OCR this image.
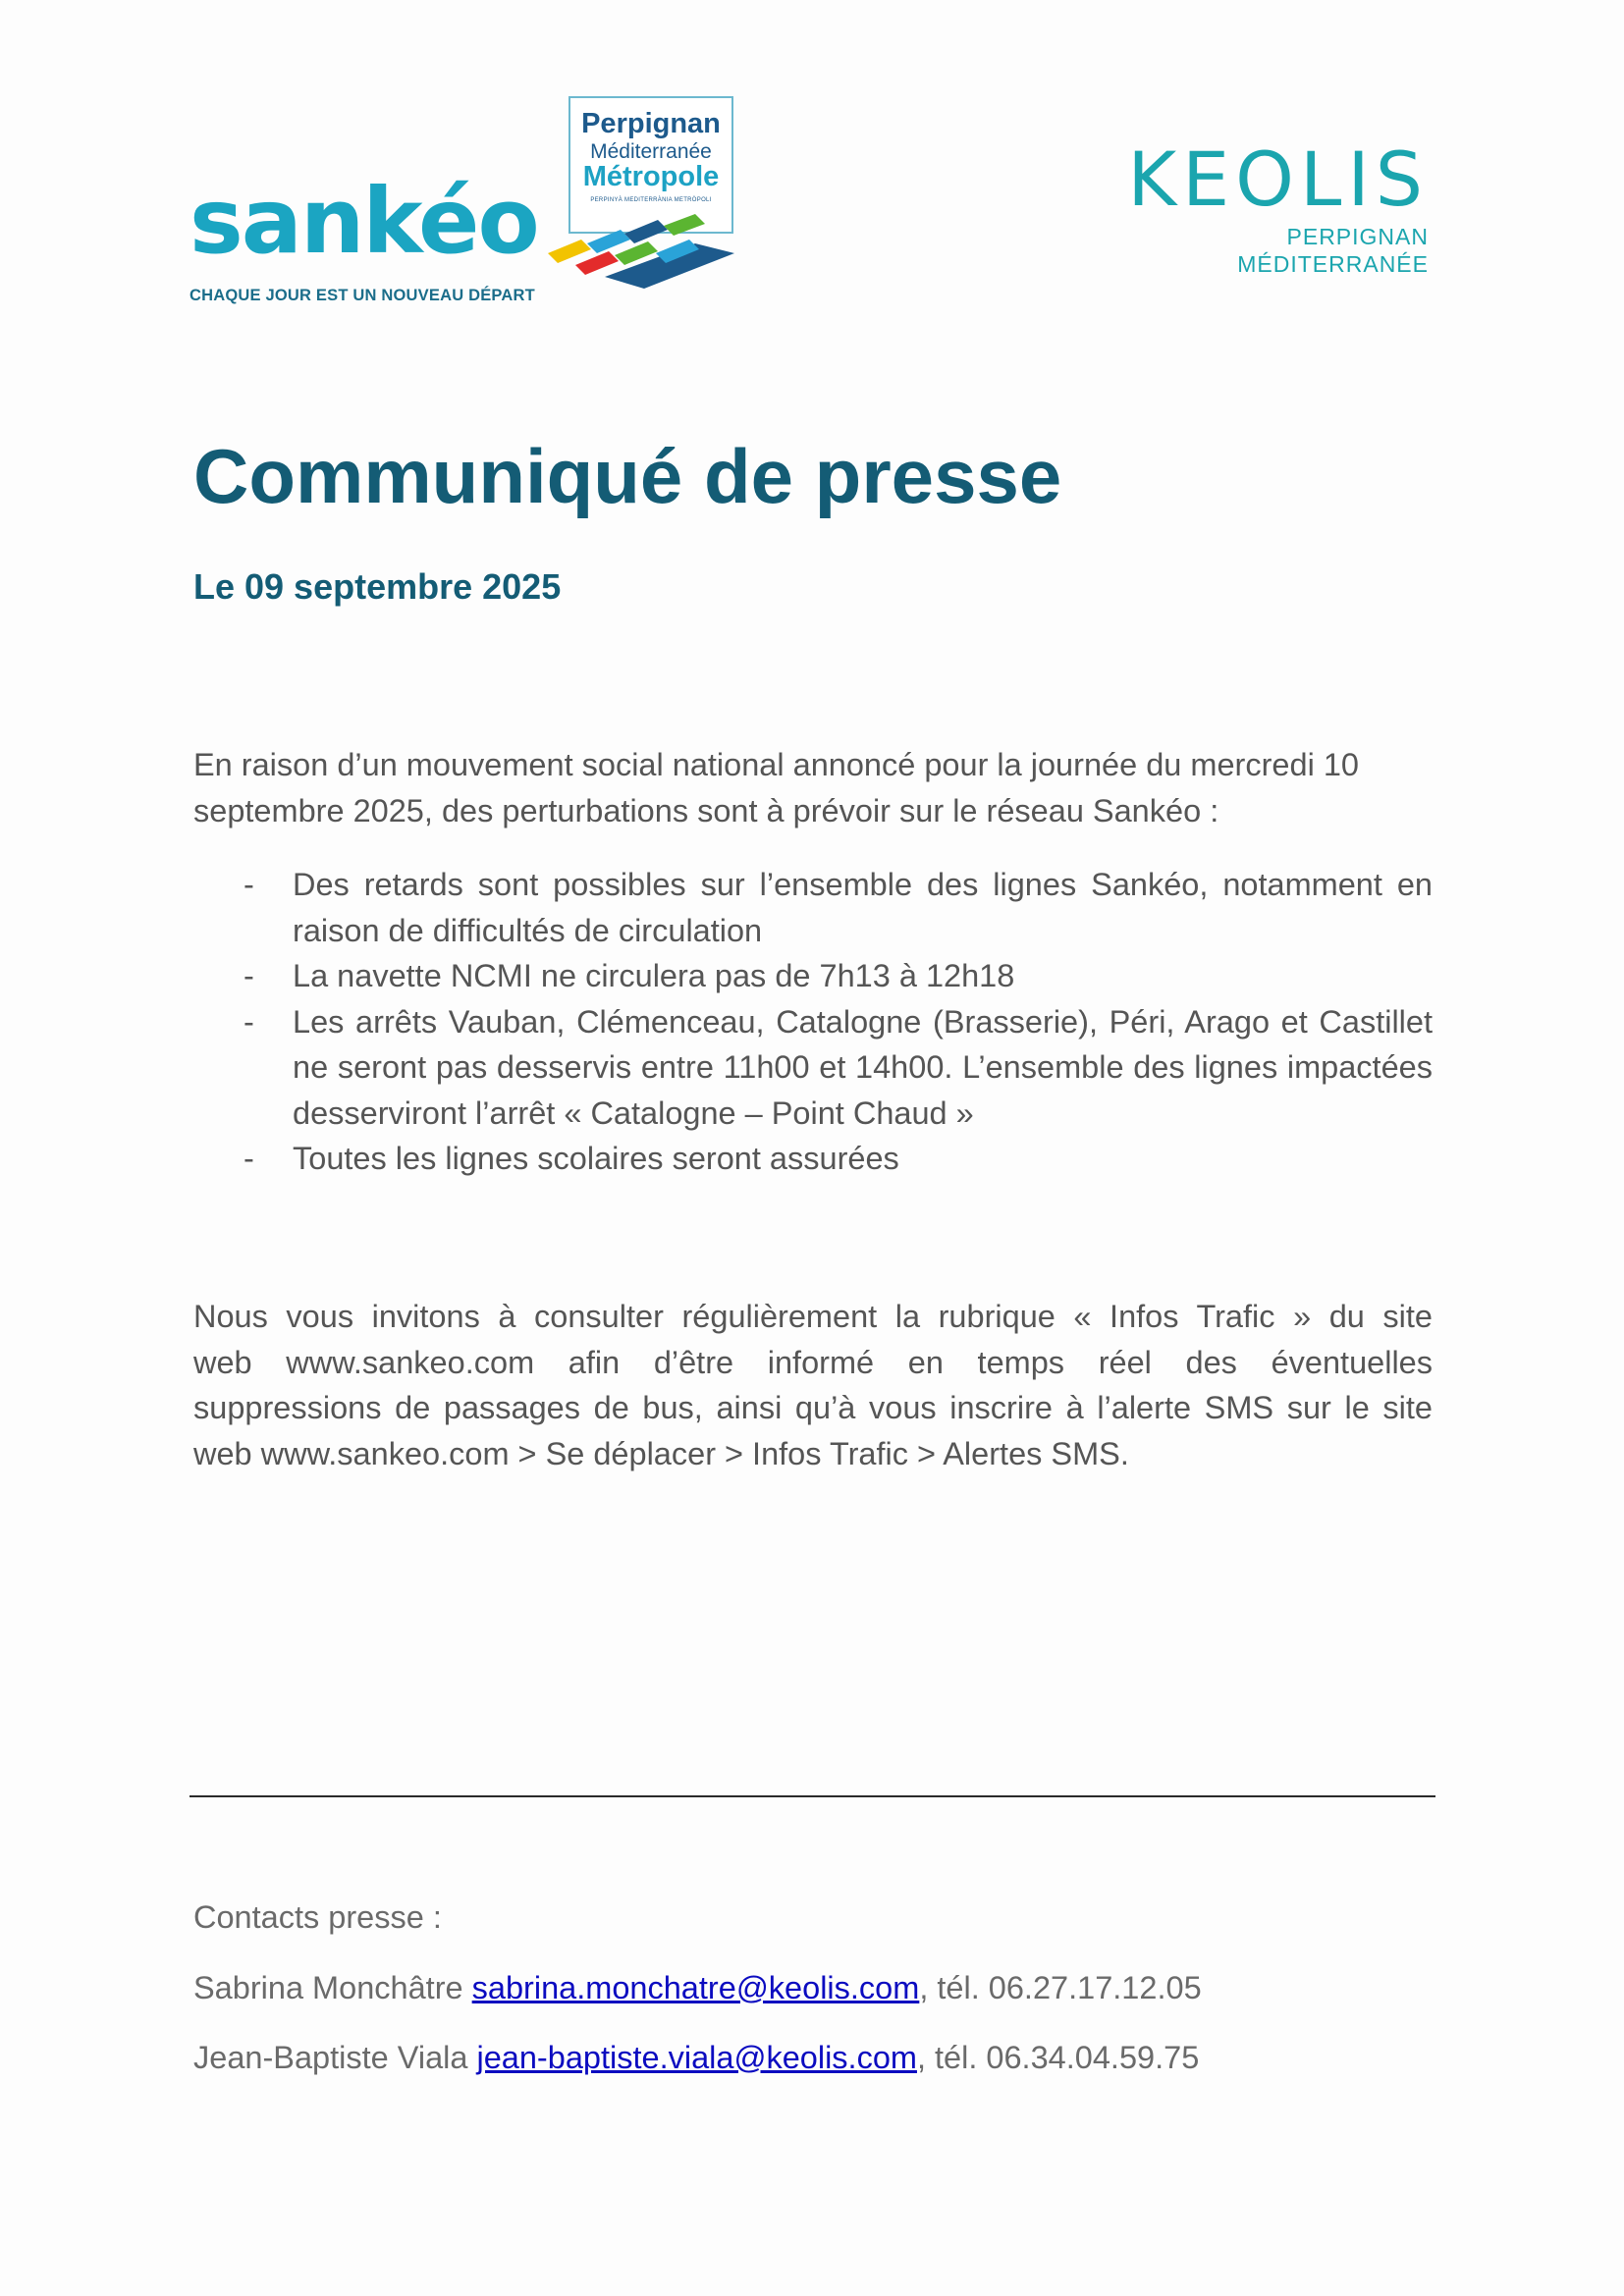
sankéo
CHAQUE JOUR EST UN NOUVEAU DÉPART
Perpignan
Méditerranée
Métropole
PERPINYÀ MEDITERRÀNIA METRÒPOLI	KEOLIS
PERPIGNAN
MÉDITERRANÉE
Communiqué de presse
Le 09 septembre 2025
En raison d’un mouvement social national annoncé pour la journée du mercredi 10 septembre 2025, des perturbations sont à prévoir sur le réseau Sankéo :
- Des retards sont possibles sur l’ensemble des lignes Sankéo, notamment en raison de difficultés de circulation
- La navette NCMI ne circulera pas de 7h13 à 12h18
- Les arrêts Vauban, Clémenceau, Catalogne (Brasserie), Péri, Arago et Castillet ne seront pas desservis entre 11h00 et 14h00. L’ensemble des lignes impactées desserviront l’arrêt « Catalogne – Point Chaud »
- Toutes les lignes scolaires seront assurées
Nous vous invitons à consulter régulièrement la rubrique « Infos Trafic » du site
web www.sankeo.com afin d’être informé en temps réel des éventuelles
suppressions de passages de bus, ainsi qu’à vous inscrire à l’alerte SMS sur le site
web www.sankeo.com > Se déplacer > Infos Trafic > Alertes SMS.
Contacts presse :
Sabrina Monchâtre sabrina.monchatre@keolis.com, tél. 06.27.17.12.05
Jean-Baptiste Viala jean-baptiste.viala@keolis.com, tél. 06.34.04.59.75
